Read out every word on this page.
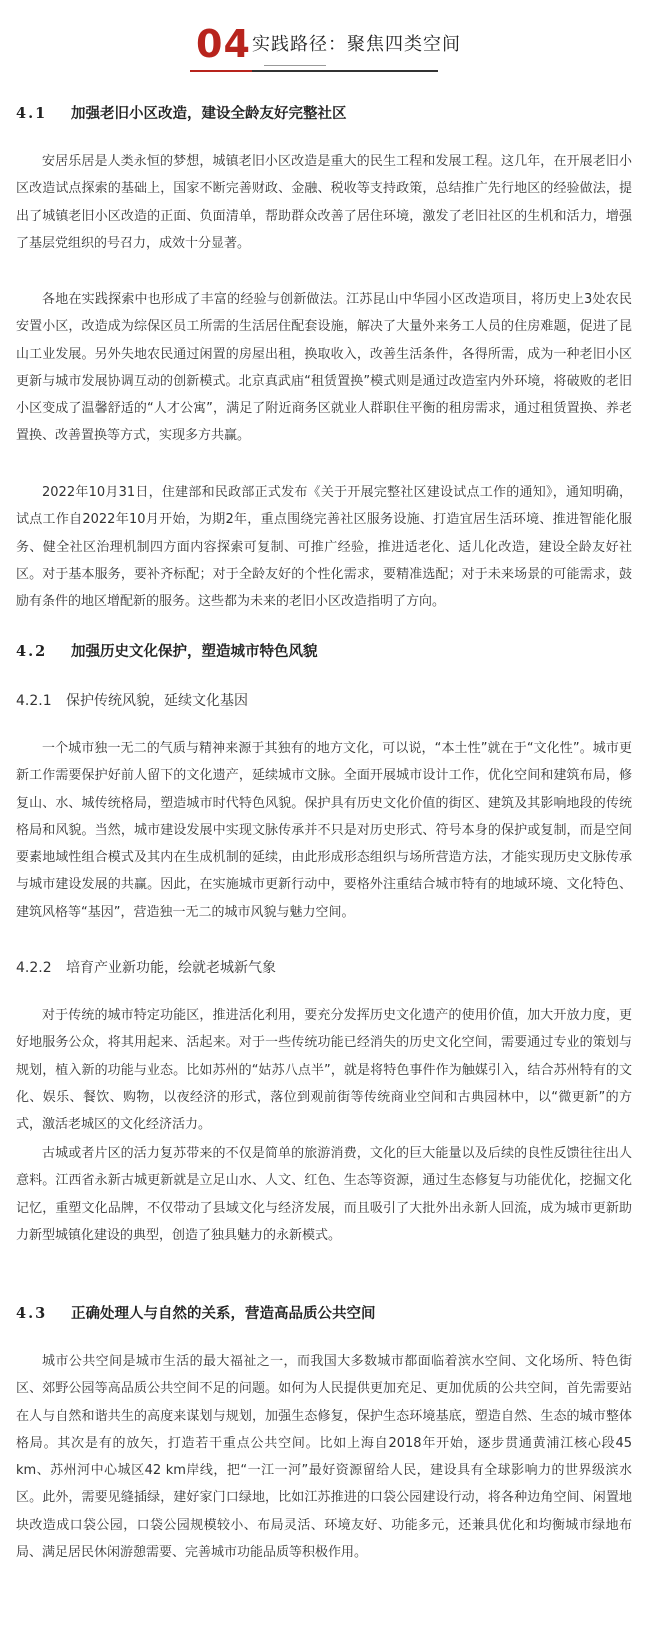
04 实践路径：聚焦四类空间
4.1 加强老旧小区改造，建设全龄友好完整社区

安居乐居是人类永恒的梦想，城镇老旧小区改造是重大的民生工程和发展工程。这几年，在开展老旧小区改造试点探索的基础上，国家不断完善财政、金融、税收等支持政策，总结推广先行地区的经验做法，提出了城镇老旧小区改造的正面、负面清单，帮助群众改善了居住环境，激发了老旧社区的生机和活力，增强了基层党组织的号召力，成效十分显著。

各地在实践探索中也形成了丰富的经验与创新做法。江苏昆山中华园小区改造项目，将历史上3处农民安置小区，改造成为综保区员工所需的生活居住配套设施，解决了大量外来务工人员的住房难题，促进了昆山工业发展。另外失地农民通过闲置的房屋出租，换取收入，改善生活条件，各得所需，成为一种老旧小区更新与城市发展协调互动的创新模式。北京真武庙“租赁置换”模式则是通过改造室内外环境，将破败的老旧小区变成了温馨舒适的“人才公寓”，满足了附近商务区就业人群职住平衡的租房需求，通过租赁置换、养老置换、改善置换等方式，实现多方共赢。

2022年10月31日，住建部和民政部正式发布《关于开展完整社区建设试点工作的通知》，通知明确，试点工作自2022年10月开始，为期2年，重点围绕完善社区服务设施、打造宜居生活环境、推进智能化服务、健全社区治理机制四方面内容探索可复制、可推广经验，推进适老化、适儿化改造，建设全龄友好社区。对于基本服务，要补齐标配；对于全龄友好的个性化需求，要精准选配；对于未来场景的可能需求，鼓励有条件的地区增配新的服务。这些都为未来的老旧小区改造指明了方向。

4.2 加强历史文化保护，塑造城市特色风貌
4.2.1 保护传统风貌，延续文化基因

一个城市独一无二的气质与精神来源于其独有的地方文化，可以说，“本土性”就在于“文化性”。城市更新工作需要保护好前人留下的文化遗产，延续城市文脉。全面开展城市设计工作，优化空间和建筑布局，修复山、水、城传统格局，塑造城市时代特色风貌。保护具有历史文化价值的街区、建筑及其影响地段的传统格局和风貌。当然，城市建设发展中实现文脉传承并不只是对历史形式、符号本身的保护或复制，而是空间要素地域性组合模式及其内在生成机制的延续，由此形成形态组织与场所营造方法，才能实现历史文脉传承与城市建设发展的共赢。因此，在实施城市更新行动中，要格外注重结合城市特有的地域环境、文化特色、建筑风格等“基因”，营造独一无二的城市风貌与魅力空间。

4.2.2 培育产业新功能，绘就老城新气象

对于传统的城市特定功能区，推进活化利用，要充分发挥历史文化遗产的使用价值，加大开放力度，更好地服务公众，将其用起来、活起来。对于一些传统功能已经消失的历史文化空间，需要通过专业的策划与规划，植入新的功能与业态。比如苏州的“姑苏八点半”，就是将特色事件作为触媒引入，结合苏州特有的文化、娱乐、餐饮、购物，以夜经济的形式，落位到观前街等传统商业空间和古典园林中，以“微更新”的方式，激活老城区的文化经济活力。

古城或者片区的活力复苏带来的不仅是简单的旅游消费，文化的巨大能量以及后续的良性反馈往往出人意料。江西省永新古城更新就是立足山水、人文、红色、生态等资源，通过生态修复与功能优化，挖掘文化记忆，重塑文化品牌，不仅带动了县域文化与经济发展，而且吸引了大批外出永新人回流，成为城市更新助力新型城镇化建设的典型，创造了独具魅力的永新模式。

4.3 正确处理人与自然的关系，营造高品质公共空间

城市公共空间是城市生活的最大福祉之一，而我国大多数城市都面临着滨水空间、文化场所、特色街区、郊野公园等高品质公共空间不足的问题。如何为人民提供更加充足、更加优质的公共空间，首先需要站在人与自然和谐共生的高度来谋划与规划，加强生态修复，保护生态环境基底，塑造自然、生态的城市整体格局。其次是有的放矢，打造若干重点公共空间。比如上海自2018年开始，逐步贯通黄浦江核心段45 km、苏州河中心城区42 km岸线，把“一江一河”最好资源留给人民，建设具有全球影响力的世界级滨水区。此外，需要见缝插绿，建好家门口绿地，比如江苏推进的口袋公园建设行动，将各种边角空间、闲置地块改造成口袋公园，口袋公园规模较小、布局灵活、环境友好、功能多元，还兼具优化和均衡城市绿地布局、满足居民休闲游憩需要、完善城市功能品质等积极作用。
